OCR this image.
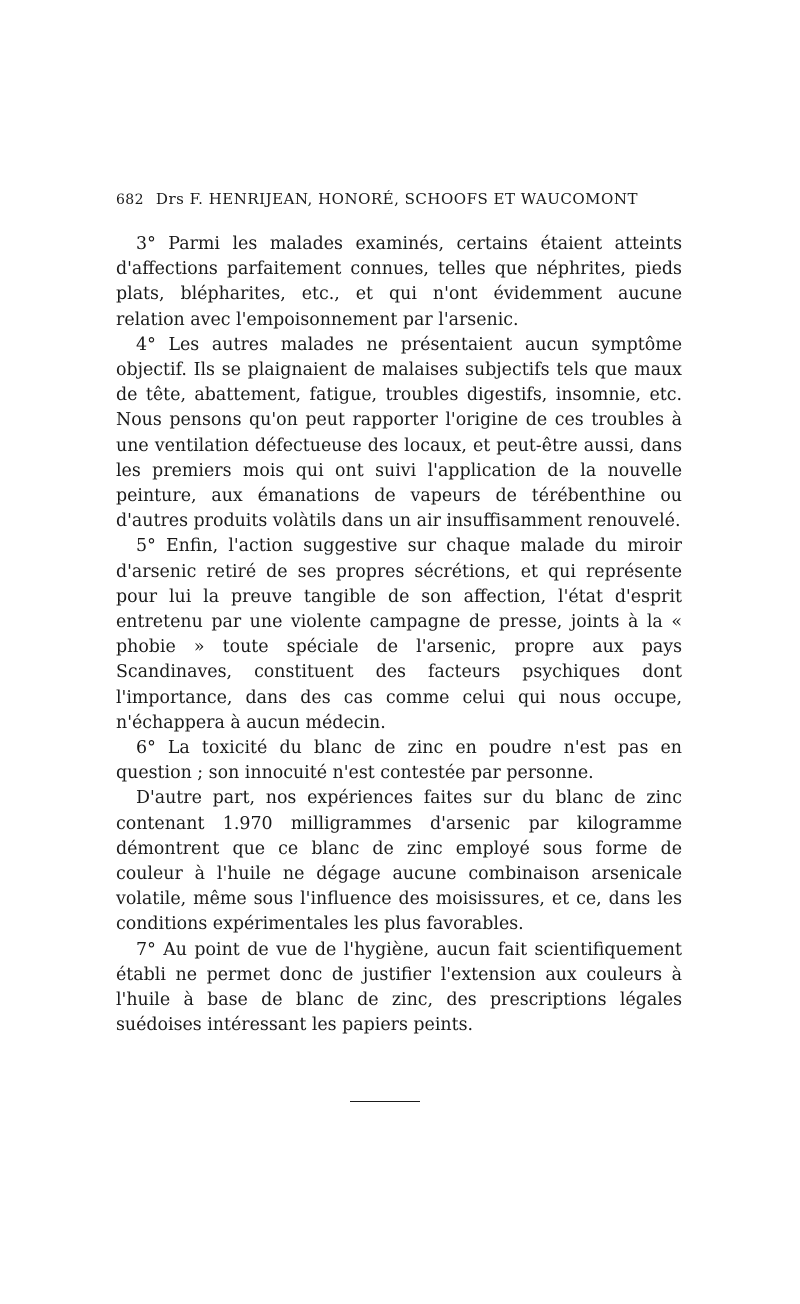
682 Drs F. HENRIJEAN, HONORÉ, SCHOOFS ET WAUCOMONT

3° Parmi les malades examinés, certains étaient atteints d'affections parfaitement connues, telles que néphrites, pieds plats, blépharites, etc., et qui n'ont évidemment aucune relation avec l'empoisonnement par l'arsenic.

4° Les autres malades ne présentaient aucun symptôme objectif. Ils se plaignaient de malaises subjectifs tels que maux de tête, abattement, fatigue, troubles digestifs, insomnie, etc. Nous pensons qu'on peut rapporter l'origine de ces troubles à une ventilation défectueuse des locaux, et peut-être aussi, dans les premiers mois qui ont suivi l'application de la nouvelle peinture, aux émanations de vapeurs de térébenthine ou d'autres produits volàtils dans un air insuffisamment renouvelé.

5° Enfin, l'action suggestive sur chaque malade du miroir d'arsenic retiré de ses propres sécrétions, et qui représente pour lui la preuve tangible de son affection, l'état d'esprit entretenu par une violente campagne de presse, joints à la « phobie » toute spéciale de l'arsenic, propre aux pays Scandinaves, constituent des facteurs psychiques dont l'importance, dans des cas comme celui qui nous occupe, n'échappera à aucun médecin.

6° La toxicité du blanc de zinc en poudre n'est pas en question ; son innocuité n'est contestée par personne.

D'autre part, nos expériences faites sur du blanc de zinc contenant 1.970 milligrammes d'arsenic par kilogramme démontrent que ce blanc de zinc employé sous forme de couleur à l'huile ne dégage aucune combinaison arsenicale volatile, même sous l'influence des moisissures, et ce, dans les conditions expérimentales les plus favorables.

7° Au point de vue de l'hygiène, aucun fait scientifiquement établi ne permet donc de justifier l'extension aux couleurs à l'huile à base de blanc de zinc, des prescriptions légales suédoises intéressant les papiers peints.
